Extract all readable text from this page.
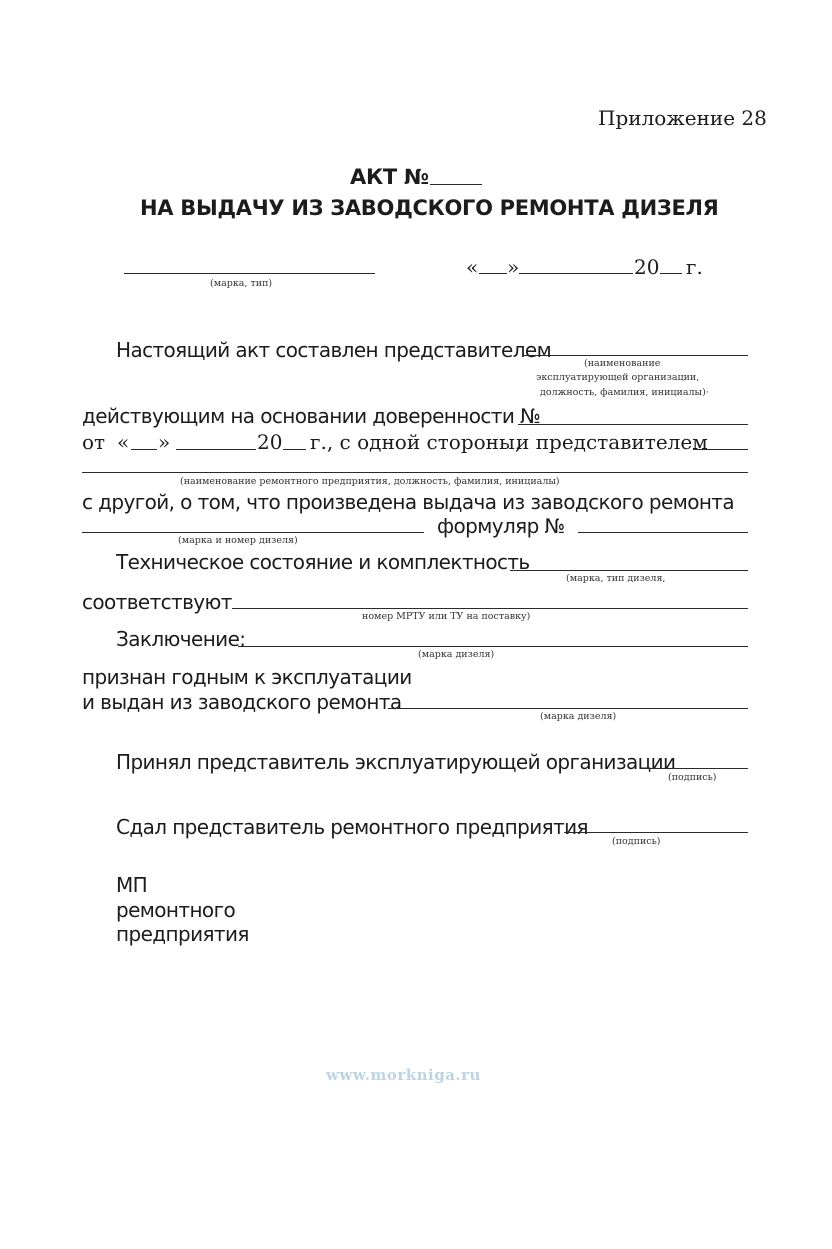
Приложение 28
АКТ №
НА ВЫДАЧУ ИЗ ЗАВОДСКОГО РЕМОНТА ДИЗЕЛЯ
(марка, тип)
« »	20 г.
Настоящий акт составлен представителем
(наименование
эксплуатирующей организации,
должность, фамилия, инициалы)·
действующим на основании доверенности №
от « »	20 г., с одной стороны,
и представителем
(наименование ремонтного предприятия, должность, фамилия, инициалы)
с другой, о том, что произведена выдача из заводского ремонта
(марка и номер дизеля)
формуляр №
Техническое состояние и комплектность
(марка, тип дизеля,
соответствуют
номер МРТУ или ТУ на поставку)
Заключение:
(марка дизеля)
признан годным к эксплуатации
и выдан из заводского ремонта
(марка дизеля)
Принял представитель эксплуатирующей организации
(подпись)
Сдал представитель ремонтного предприятия
(подпись)
МП
ремонтного
предприятия
www.morkniga.ru
